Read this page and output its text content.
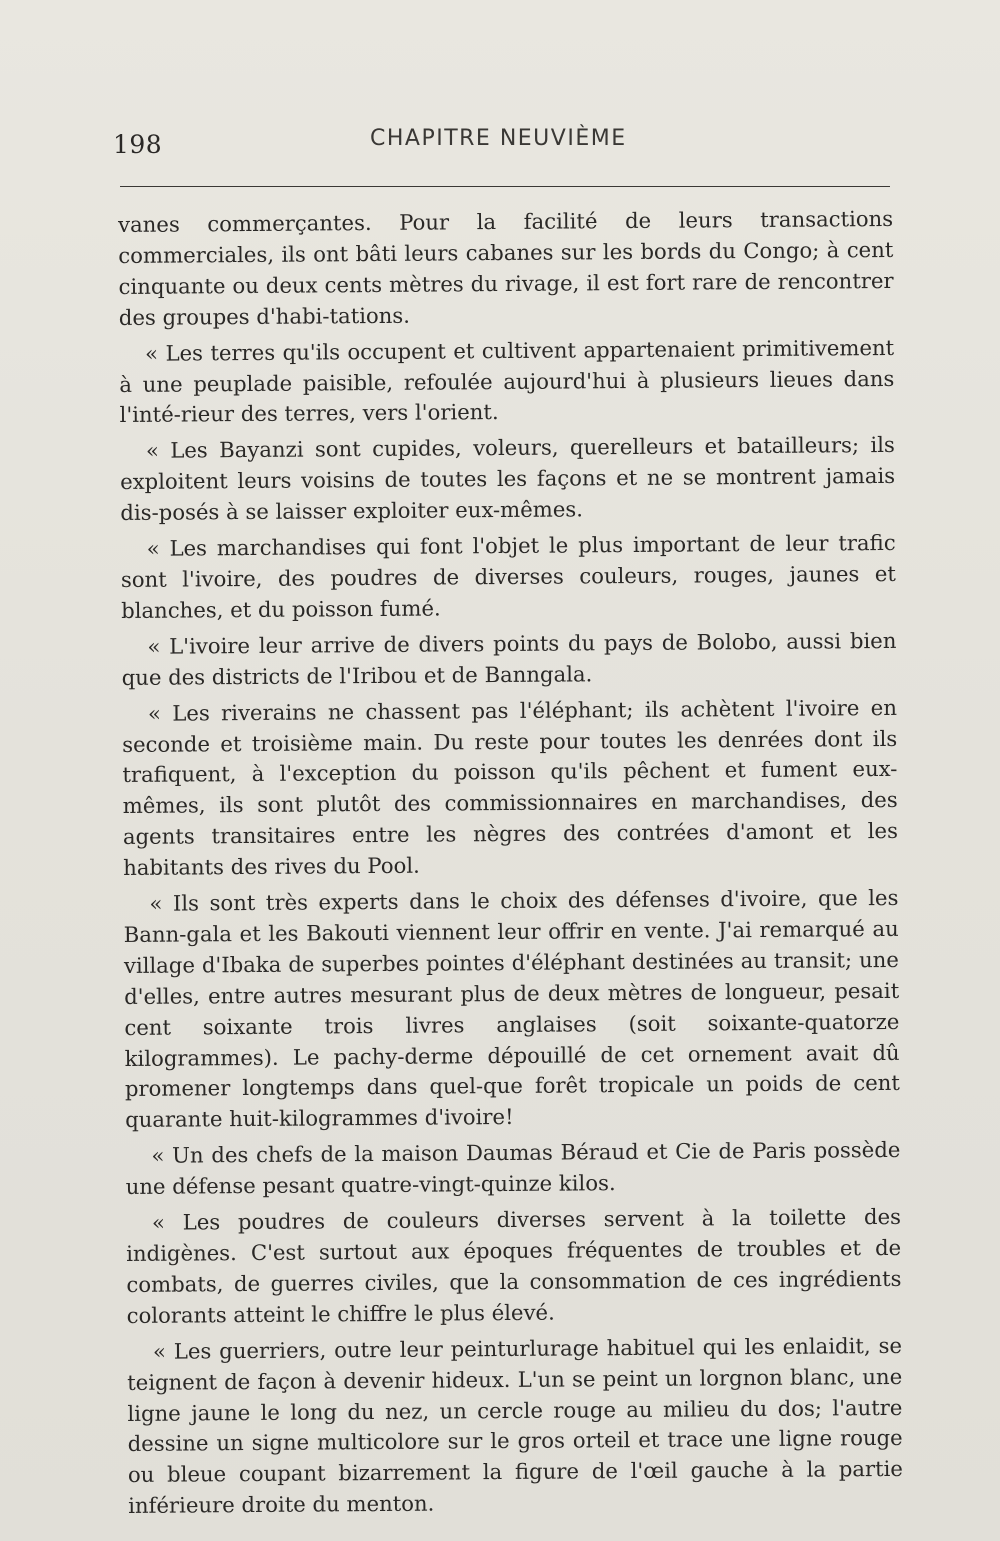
198	CHAPITRE NEUVIÈME

vanes commerçantes. Pour la facilité de leurs transactions commerciales, ils ont bâti leurs cabanes sur les bords du Congo; à cent cinquante ou deux cents mètres du rivage, il est fort rare de rencontrer des groupes d'habi-tations.

« Les terres qu'ils occupent et cultivent appartenaient primitivement à une peuplade paisible, refoulée aujourd'hui à plusieurs lieues dans l'inté-rieur des terres, vers l'orient.

« Les Bayanzi sont cupides, voleurs, querelleurs et batailleurs; ils exploitent leurs voisins de toutes les façons et ne se montrent jamais dis-posés à se laisser exploiter eux-mêmes.

« Les marchandises qui font l'objet le plus important de leur trafic sont l'ivoire, des poudres de diverses couleurs, rouges, jaunes et blanches, et du poisson fumé.

« L'ivoire leur arrive de divers points du pays de Bolobo, aussi bien que des districts de l'Iribou et de Banngala.

« Les riverains ne chassent pas l'éléphant; ils achètent l'ivoire en seconde et troisième main. Du reste pour toutes les denrées dont ils trafiquent, à l'exception du poisson qu'ils pêchent et fument eux-mêmes, ils sont plutôt des commissionnaires en marchandises, des agents transitaires entre les nègres des contrées d'amont et les habitants des rives du Pool.

« Ils sont très experts dans le choix des défenses d'ivoire, que les Bann-gala et les Bakouti viennent leur offrir en vente. J'ai remarqué au village d'Ibaka de superbes pointes d'éléphant destinées au transit; une d'elles, entre autres mesurant plus de deux mètres de longueur, pesait cent soixante trois livres anglaises (soit soixante-quatorze kilogrammes). Le pachy-derme dépouillé de cet ornement avait dû promener longtemps dans quel-que forêt tropicale un poids de cent quarante huit-kilogrammes d'ivoire!

« Un des chefs de la maison Daumas Béraud et Cie de Paris possède une défense pesant quatre-vingt-quinze kilos.

« Les poudres de couleurs diverses servent à la toilette des indigènes. C'est surtout aux époques fréquentes de troubles et de combats, de guerres civiles, que la consommation de ces ingrédients colorants atteint le chiffre le plus élevé.

« Les guerriers, outre leur peinturlurage habituel qui les enlaidit, se teignent de façon à devenir hideux. L'un se peint un lorgnon blanc, une ligne jaune le long du nez, un cercle rouge au milieu du dos; l'autre dessine un signe multicolore sur le gros orteil et trace une ligne rouge ou bleue coupant bizarrement la figure de l'œil gauche à la partie inférieure droite du menton.
